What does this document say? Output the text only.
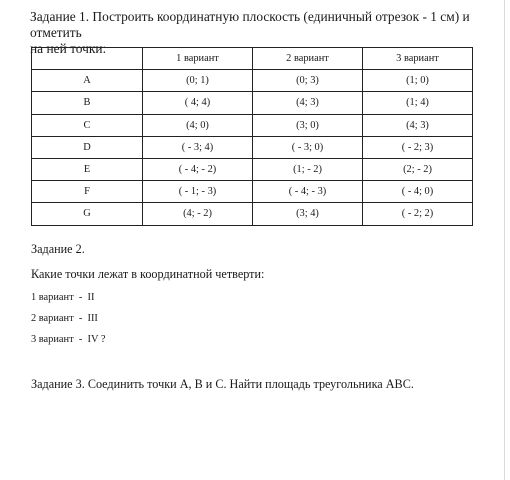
Задание 1. Построить координатную плоскость (единичный отрезок - 1 см) и отметить
на ней точки:
	1 вариант	2 вариант	3 вариант
A	(0; 1)	(0; 3)	(1; 0)
B	( 4; 4)	(4; 3)	(1; 4)
C	(4; 0)	(3; 0)	(4; 3)
D	( - 3; 4)	( - 3; 0)	( - 2; 3)
E	( - 4; - 2)	(1; - 2)	(2; - 2)
F	( - 1; - 3)	( - 4; - 3)	( - 4; 0)
G	(4; - 2)	(3; 4)	( - 2; 2)
Задание 2.
Какие точки лежат в координатной четверти:
1 вариант  -  II
2 вариант  -  III
3 вариант  -  IV ?
Задание 3. Соединить точки А, В и С. Найти площадь треугольника АВС.
